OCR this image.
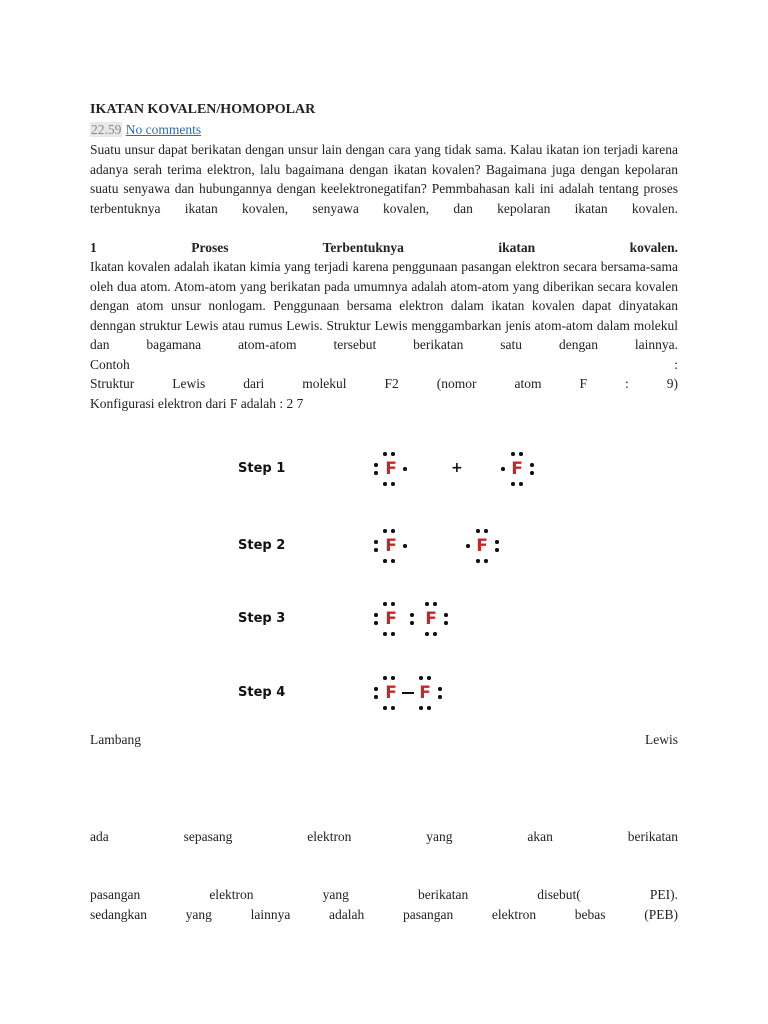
IKATAN KOVALEN/HOMOPOLAR
22.59 No comments

Suatu unsur dapat berikatan dengan unsur lain dengan cara yang tidak sama. Kalau ikatan ion terjadi karena adanya serah terima elektron, lalu bagaimana dengan ikatan kovalen? Bagaimana juga dengan kepolaran suatu senyawa dan hubungannya dengan keelektronegatifan? Pemmbahasan kali ini adalah tentang proses terbentuknya ikatan kovalen, senyawa kovalen, dan kepolaran ikatan kovalen.

1 Proses Terbentuknya ikatan kovalen.

Ikatan kovalen adalah ikatan kimia yang terjadi karena penggunaan pasangan elektron secara bersama-sama oleh dua atom. Atom-atom yang berikatan pada umumnya adalah atom-atom yang diberikan secara kovalen dengan atom unsur nonlogam. Penggunaan bersama elektron dalam ikatan kovalen dapat dinyatakan denngan struktur Lewis atau rumus Lewis. Struktur Lewis menggambarkan jenis atom-atom dalam molekul dan bagamana atom-atom tersebut berikatan satu dengan lainnya.

Contoh :

Struktur Lewis dari molekul F2 (nomor atom F : 9)

Konfigurasi elektron dari F adalah : 2 7

Step 1	F	+	F
Step 2	F	F
Step 3	F	F
Step 4	F	F

Lambang Lewis

ada sepasang elektron yang akan berikatan

pasangan elektron yang berikatan disebut( PEI).

sedangkan yang lainnya adalah pasangan elektron bebas (PEB)
